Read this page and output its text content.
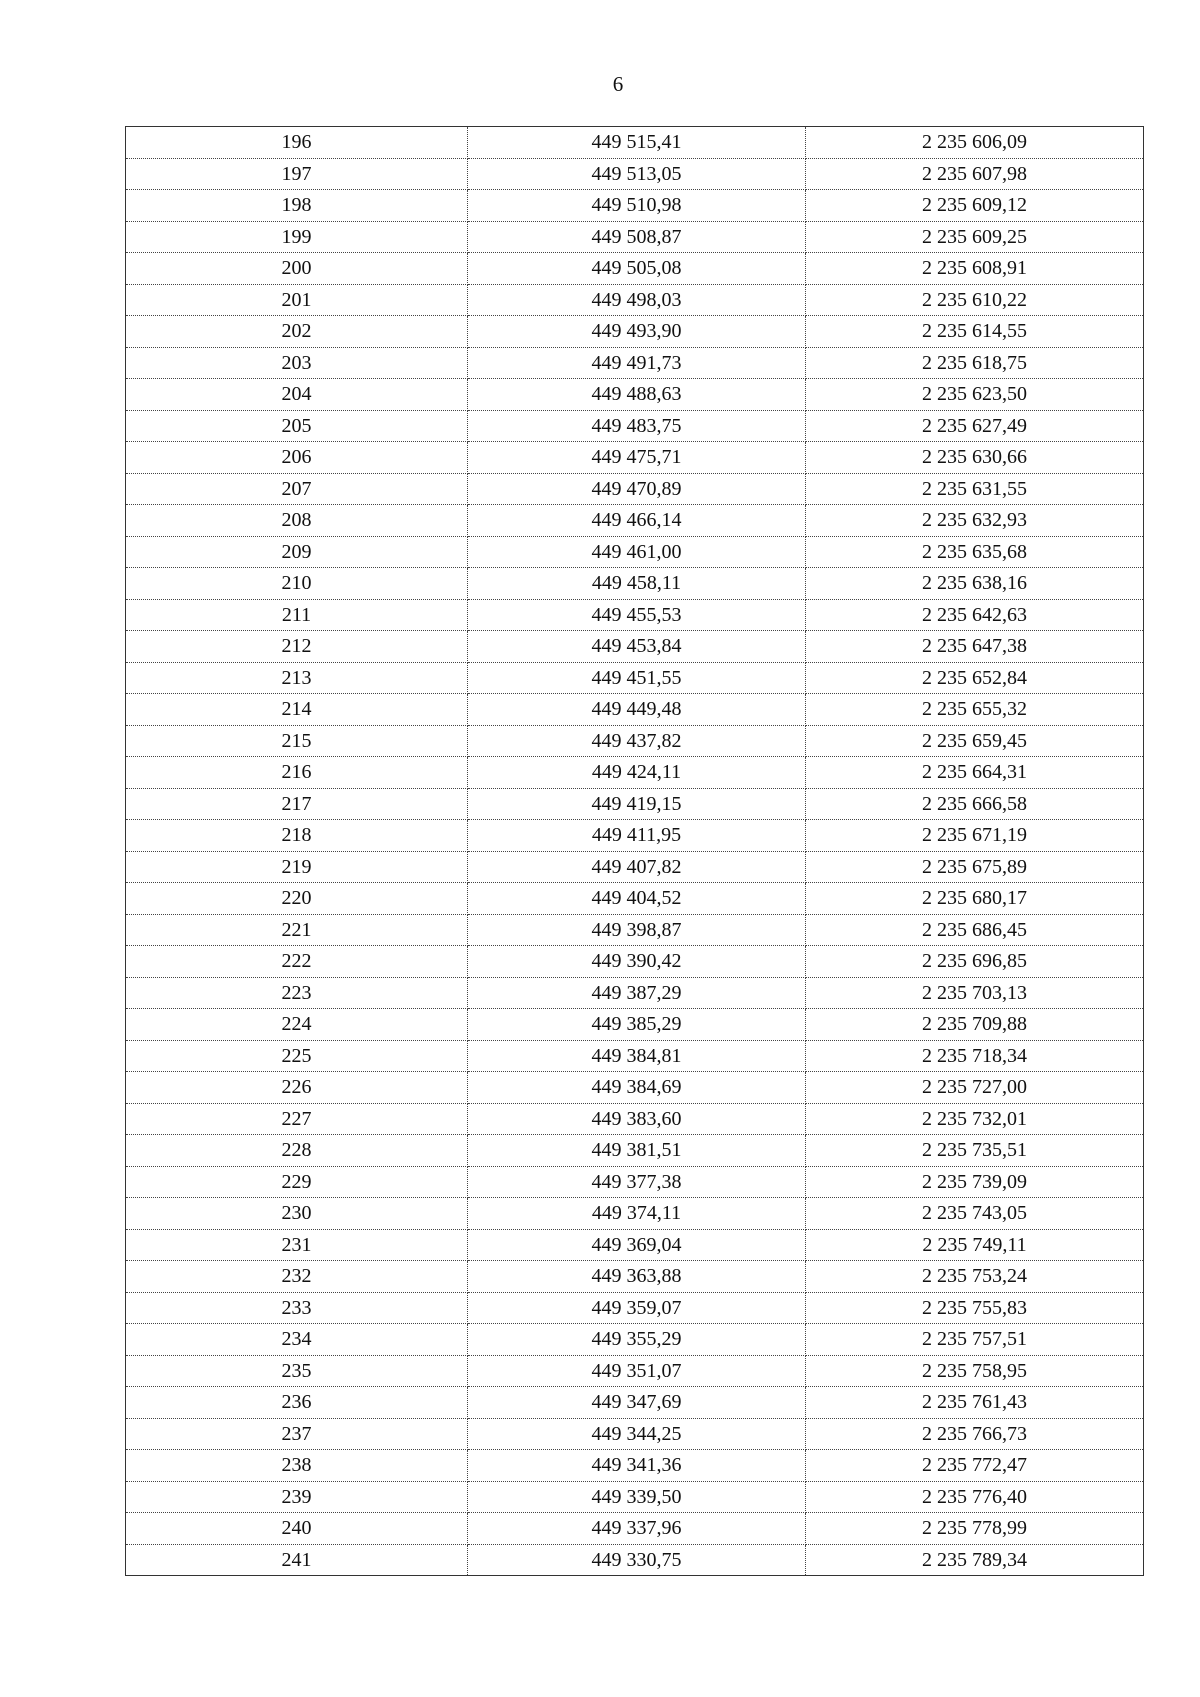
6
196	449 515,41	2 235 606,09
197	449 513,05	2 235 607,98
198	449 510,98	2 235 609,12
199	449 508,87	2 235 609,25
200	449 505,08	2 235 608,91
201	449 498,03	2 235 610,22
202	449 493,90	2 235 614,55
203	449 491,73	2 235 618,75
204	449 488,63	2 235 623,50
205	449 483,75	2 235 627,49
206	449 475,71	2 235 630,66
207	449 470,89	2 235 631,55
208	449 466,14	2 235 632,93
209	449 461,00	2 235 635,68
210	449 458,11	2 235 638,16
211	449 455,53	2 235 642,63
212	449 453,84	2 235 647,38
213	449 451,55	2 235 652,84
214	449 449,48	2 235 655,32
215	449 437,82	2 235 659,45
216	449 424,11	2 235 664,31
217	449 419,15	2 235 666,58
218	449 411,95	2 235 671,19
219	449 407,82	2 235 675,89
220	449 404,52	2 235 680,17
221	449 398,87	2 235 686,45
222	449 390,42	2 235 696,85
223	449 387,29	2 235 703,13
224	449 385,29	2 235 709,88
225	449 384,81	2 235 718,34
226	449 384,69	2 235 727,00
227	449 383,60	2 235 732,01
228	449 381,51	2 235 735,51
229	449 377,38	2 235 739,09
230	449 374,11	2 235 743,05
231	449 369,04	2 235 749,11
232	449 363,88	2 235 753,24
233	449 359,07	2 235 755,83
234	449 355,29	2 235 757,51
235	449 351,07	2 235 758,95
236	449 347,69	2 235 761,43
237	449 344,25	2 235 766,73
238	449 341,36	2 235 772,47
239	449 339,50	2 235 776,40
240	449 337,96	2 235 778,99
241	449 330,75	2 235 789,34
